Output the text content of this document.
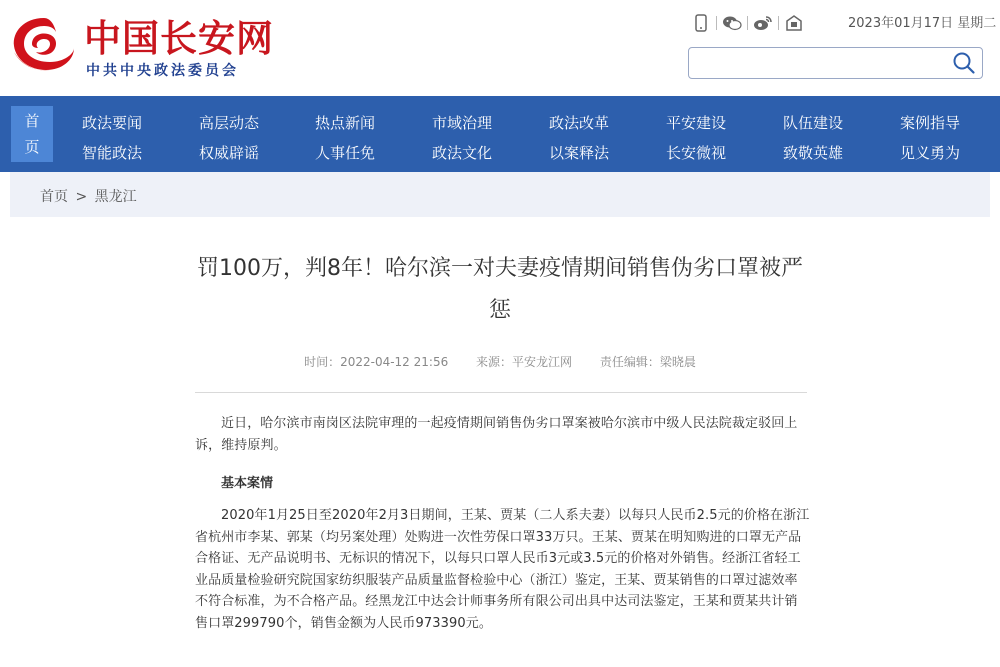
中国长安网
中共中央政法委员会
2023年01月17日 星期二
首
页
政法要闻	高层动态	热点新闻	市域治理	政法改革	平安建设	队伍建设	案例指导
智能政法	权威辟谣	人事任免	政法文化	以案释法	长安微视	致敬英雄	见义勇为
首页 > 黑龙江
罚100万，判8年！哈尔滨一对夫妻疫情期间销售伪劣口罩被严惩
时间：2022-04-12 21:56 来源：平安龙江网 责任编辑：梁晓晨

近日，哈尔滨市南岗区法院审理的一起疫情期间销售伪劣口罩案被哈尔滨市中级人民法院裁定驳回上诉，维持原判。

基本案情

2020年1月25日至2020年2月3日期间，王某、贾某（二人系夫妻）以每只人民币2.5元的价格在浙江省杭州市李某、郭某（均另案处理）处购进一次性劳保口罩33万只。王某、贾某在明知购进的口罩无产品合格证、无产品说明书、无标识的情况下，以每只口罩人民币3元或3.5元的价格对外销售。经浙江省轻工业品质量检验研究院国家纺织服装产品质量监督检验中心（浙江）鉴定，王某、贾某销售的口罩过滤效率不符合标准，为不合格产品。经黑龙江中达会计师事务所有限公司出具中达司法鉴定，王某和贾某共计销售口罩299790个，销售金额为人民币973390元。
